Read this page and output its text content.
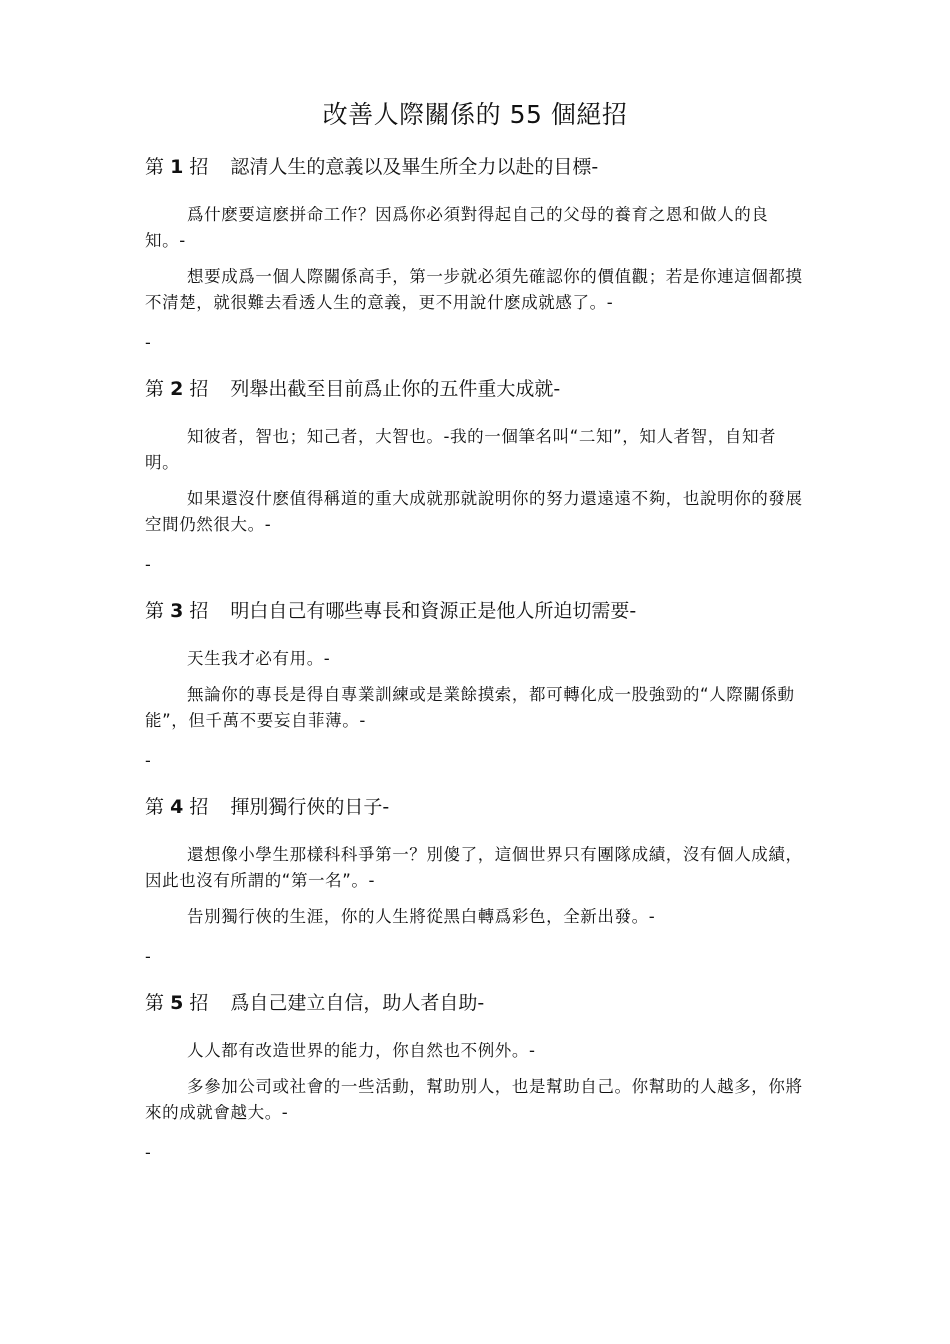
改善人際關係的 55 個絕招
第 1 招 認清人生的意義以及畢生所全力以赴的目標-

爲什麽要這麽拼命工作？因爲你必須對得起自己的父母的養育之恩和做人的良知。-

想要成爲一個人際關係高手，第一步就必須先確認你的價值觀；若是你連這個都摸不清楚，就很難去看透人生的意義，更不用說什麽成就感了。-

-

第 2 招 列舉出截至目前爲止你的五件重大成就-

知彼者，智也；知己者，大智也。-我的一個筆名叫“二知”，知人者智，自知者明。

如果還沒什麽值得稱道的重大成就那就說明你的努力還遠遠不夠，也說明你的發展空間仍然很大。-

-

第 3 招 明白自己有哪些專長和資源正是他人所迫切需要-

天生我才必有用。-

無論你的專長是得自專業訓練或是業餘摸索，都可轉化成一股強勁的“人際關係動能”，但千萬不要妄自菲薄。-

-

第 4 招 揮別獨行俠的日子-

還想像小學生那樣科科爭第一？別傻了，這個世界只有團隊成績，沒有個人成績，因此也沒有所謂的“第一名”。-

告別獨行俠的生涯，你的人生將從黑白轉爲彩色，全新出發。-

-

第 5 招 爲自己建立自信，助人者自助-

人人都有改造世界的能力，你自然也不例外。-

多參加公司或社會的一些活動，幫助別人，也是幫助自己。你幫助的人越多，你將來的成就會越大。-

-
